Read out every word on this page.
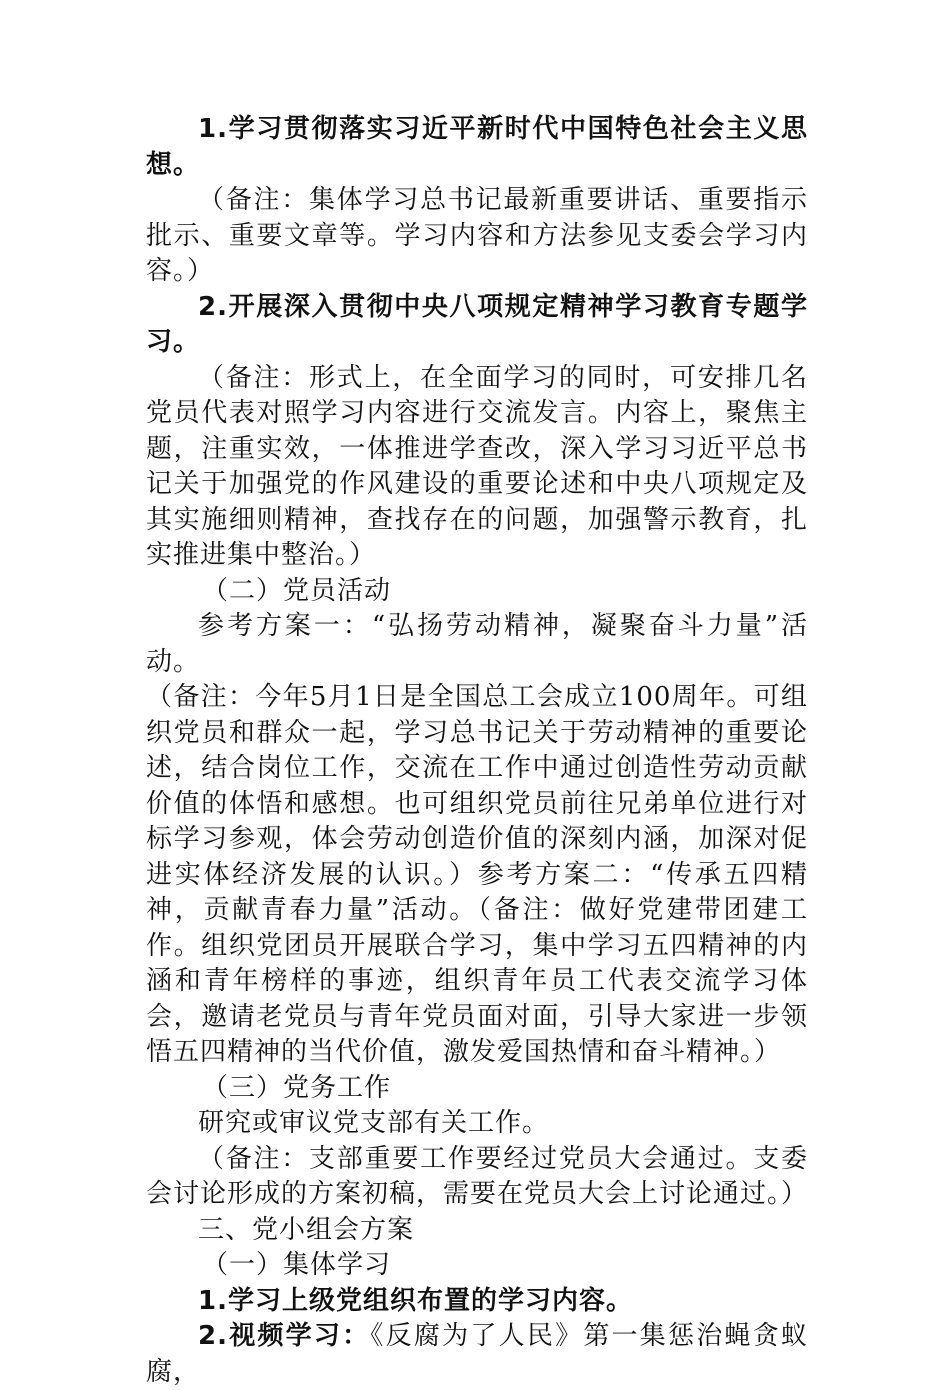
1.学习贯彻落实习近平新时代中国特色社会主义思想。

（备注：集体学习总书记最新重要讲话、重要指示批示、重要文章等。学习内容和方法参见支委会学习内容。）

2.开展深入贯彻中央八项规定精神学习教育专题学习。

（备注：形式上，在全面学习的同时，可安排几名党员代表对照学习内容进行交流发言。内容上，聚焦主题，注重实效，一体推进学查改，深入学习习近平总书记关于加强党的作风建设的重要论述和中央八项规定及其实施细则精神，查找存在的问题，加强警示教育，扎实推进集中整治。）

（二）党员活动

参考方案一：“弘扬劳动精神，凝聚奋斗力量”活动。

（备注：今年5月1日是全国总工会成立100周年。可组织党员和群众一起，学习总书记关于劳动精神的重要论述，结合岗位工作，交流在工作中通过创造性劳动贡献价值的体悟和感想。也可组织党员前往兄弟单位进行对标学习参观，体会劳动创造价值的深刻内涵，加深对促进实体经济发展的认识。）参考方案二：“传承五四精神，贡献青春力量”活动。（备注：做好党建带团建工作。组织党团员开展联合学习，集中学习五四精神的内涵和青年榜样的事迹，组织青年员工代表交流学习体会，邀请老党员与青年党员面对面，引导大家进一步领悟五四精神的当代价值，激发爱国热情和奋斗精神。）

（三）党务工作

研究或审议党支部有关工作。

（备注：支部重要工作要经过党员大会通过。支委会讨论形成的方案初稿，需要在党员大会上讨论通过。）

三、党小组会方案

（一）集体学习

1.学习上级党组织布置的学习内容。

2.视频学习：《反腐为了人民》第一集惩治蝇贪蚁腐，
